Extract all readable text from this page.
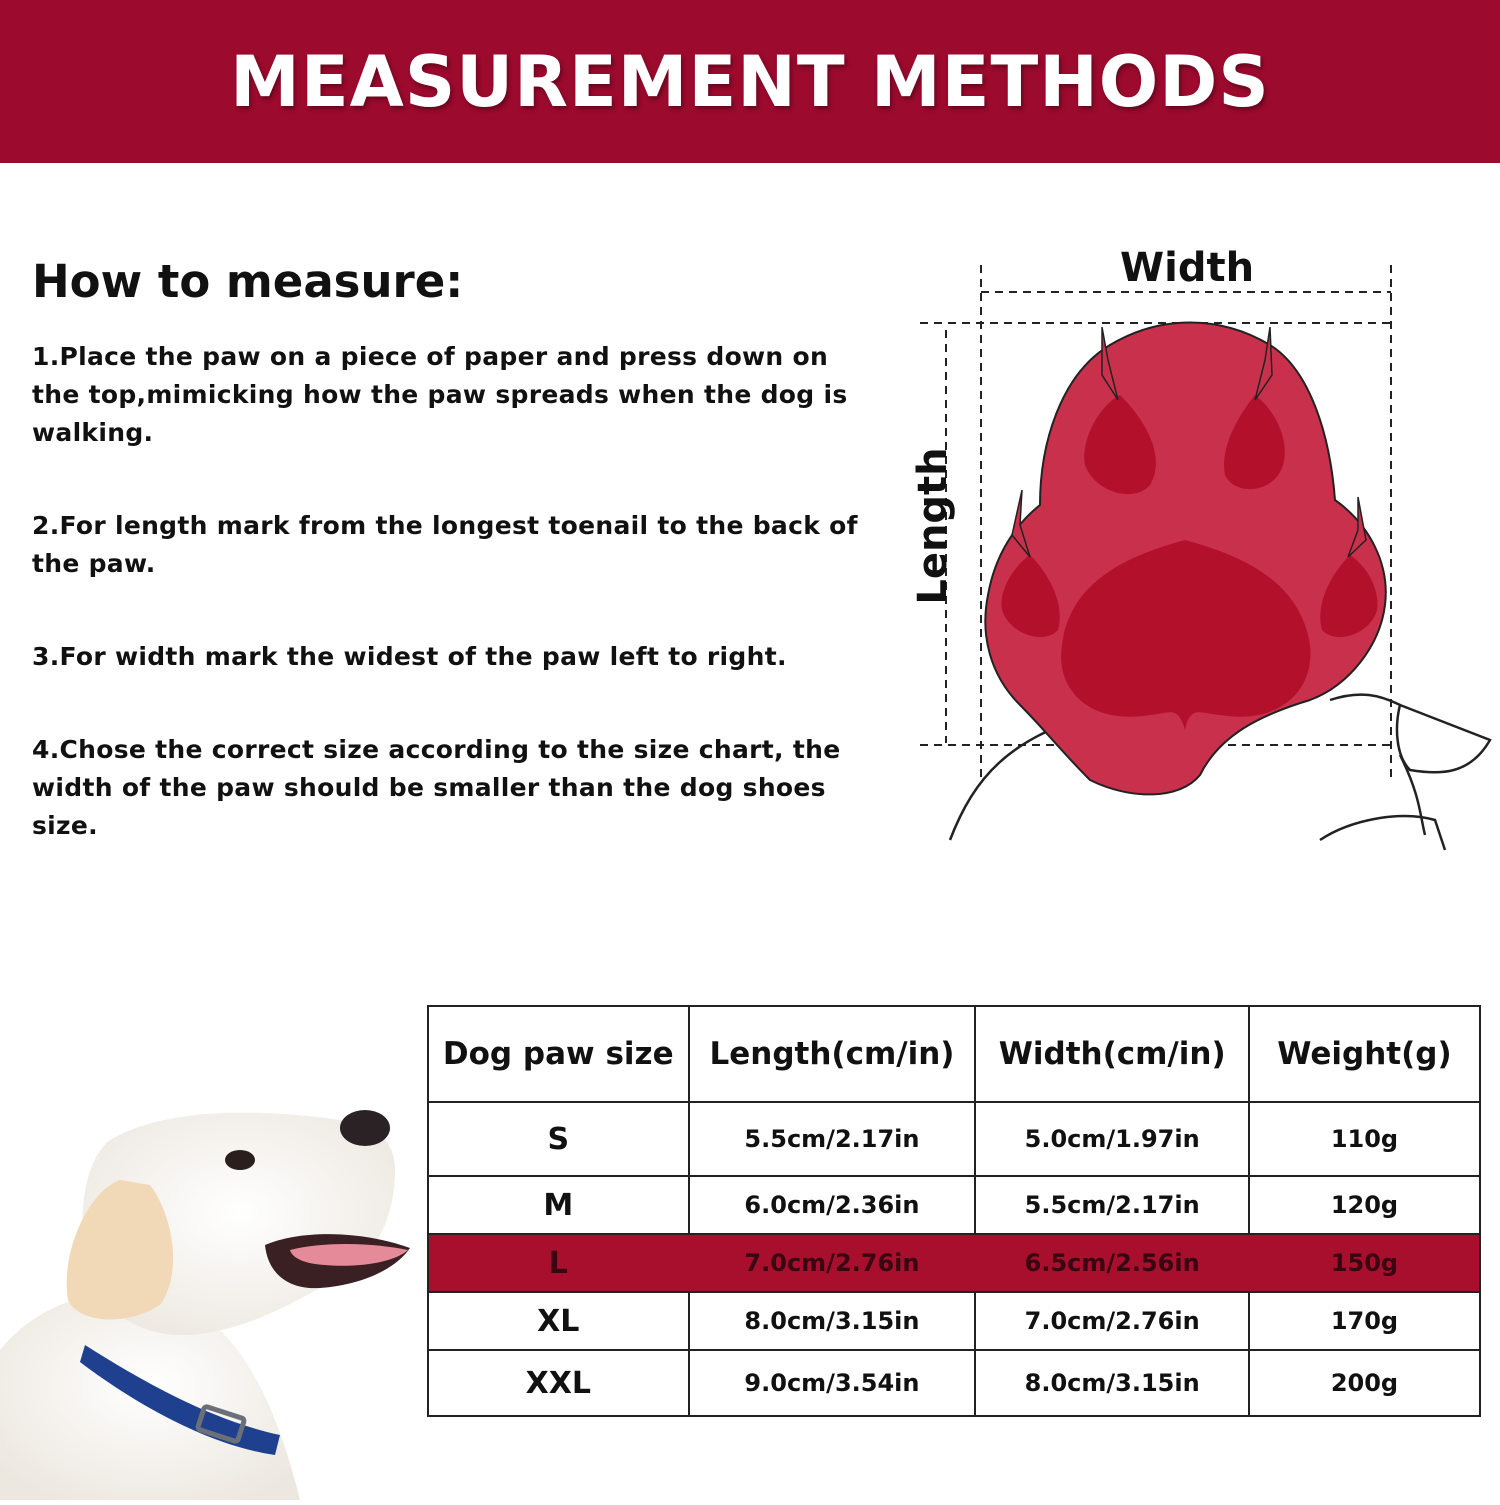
MEASUREMENT METHODS
How to measure:

1.Place the paw on a piece of paper and press down on the top,mimicking how the paw spreads when the dog is walking.

2.For length mark from the longest toenail to the back of the paw.

3.For width mark the widest of the paw left to right.

4.Chose the correct size according to the size chart, the width of the paw should be smaller than the dog shoes size.

Width
Length
Dog paw size	Length(cm/in)	Width(cm/in)	Weight(g)
S	5.5cm/2.17in	5.0cm/1.97in	110g
M	6.0cm/2.36in	5.5cm/2.17in	120g
L	7.0cm/2.76in	6.5cm/2.56in	150g
XL	8.0cm/3.15in	7.0cm/2.76in	170g
XXL	9.0cm/3.54in	8.0cm/3.15in	200g
